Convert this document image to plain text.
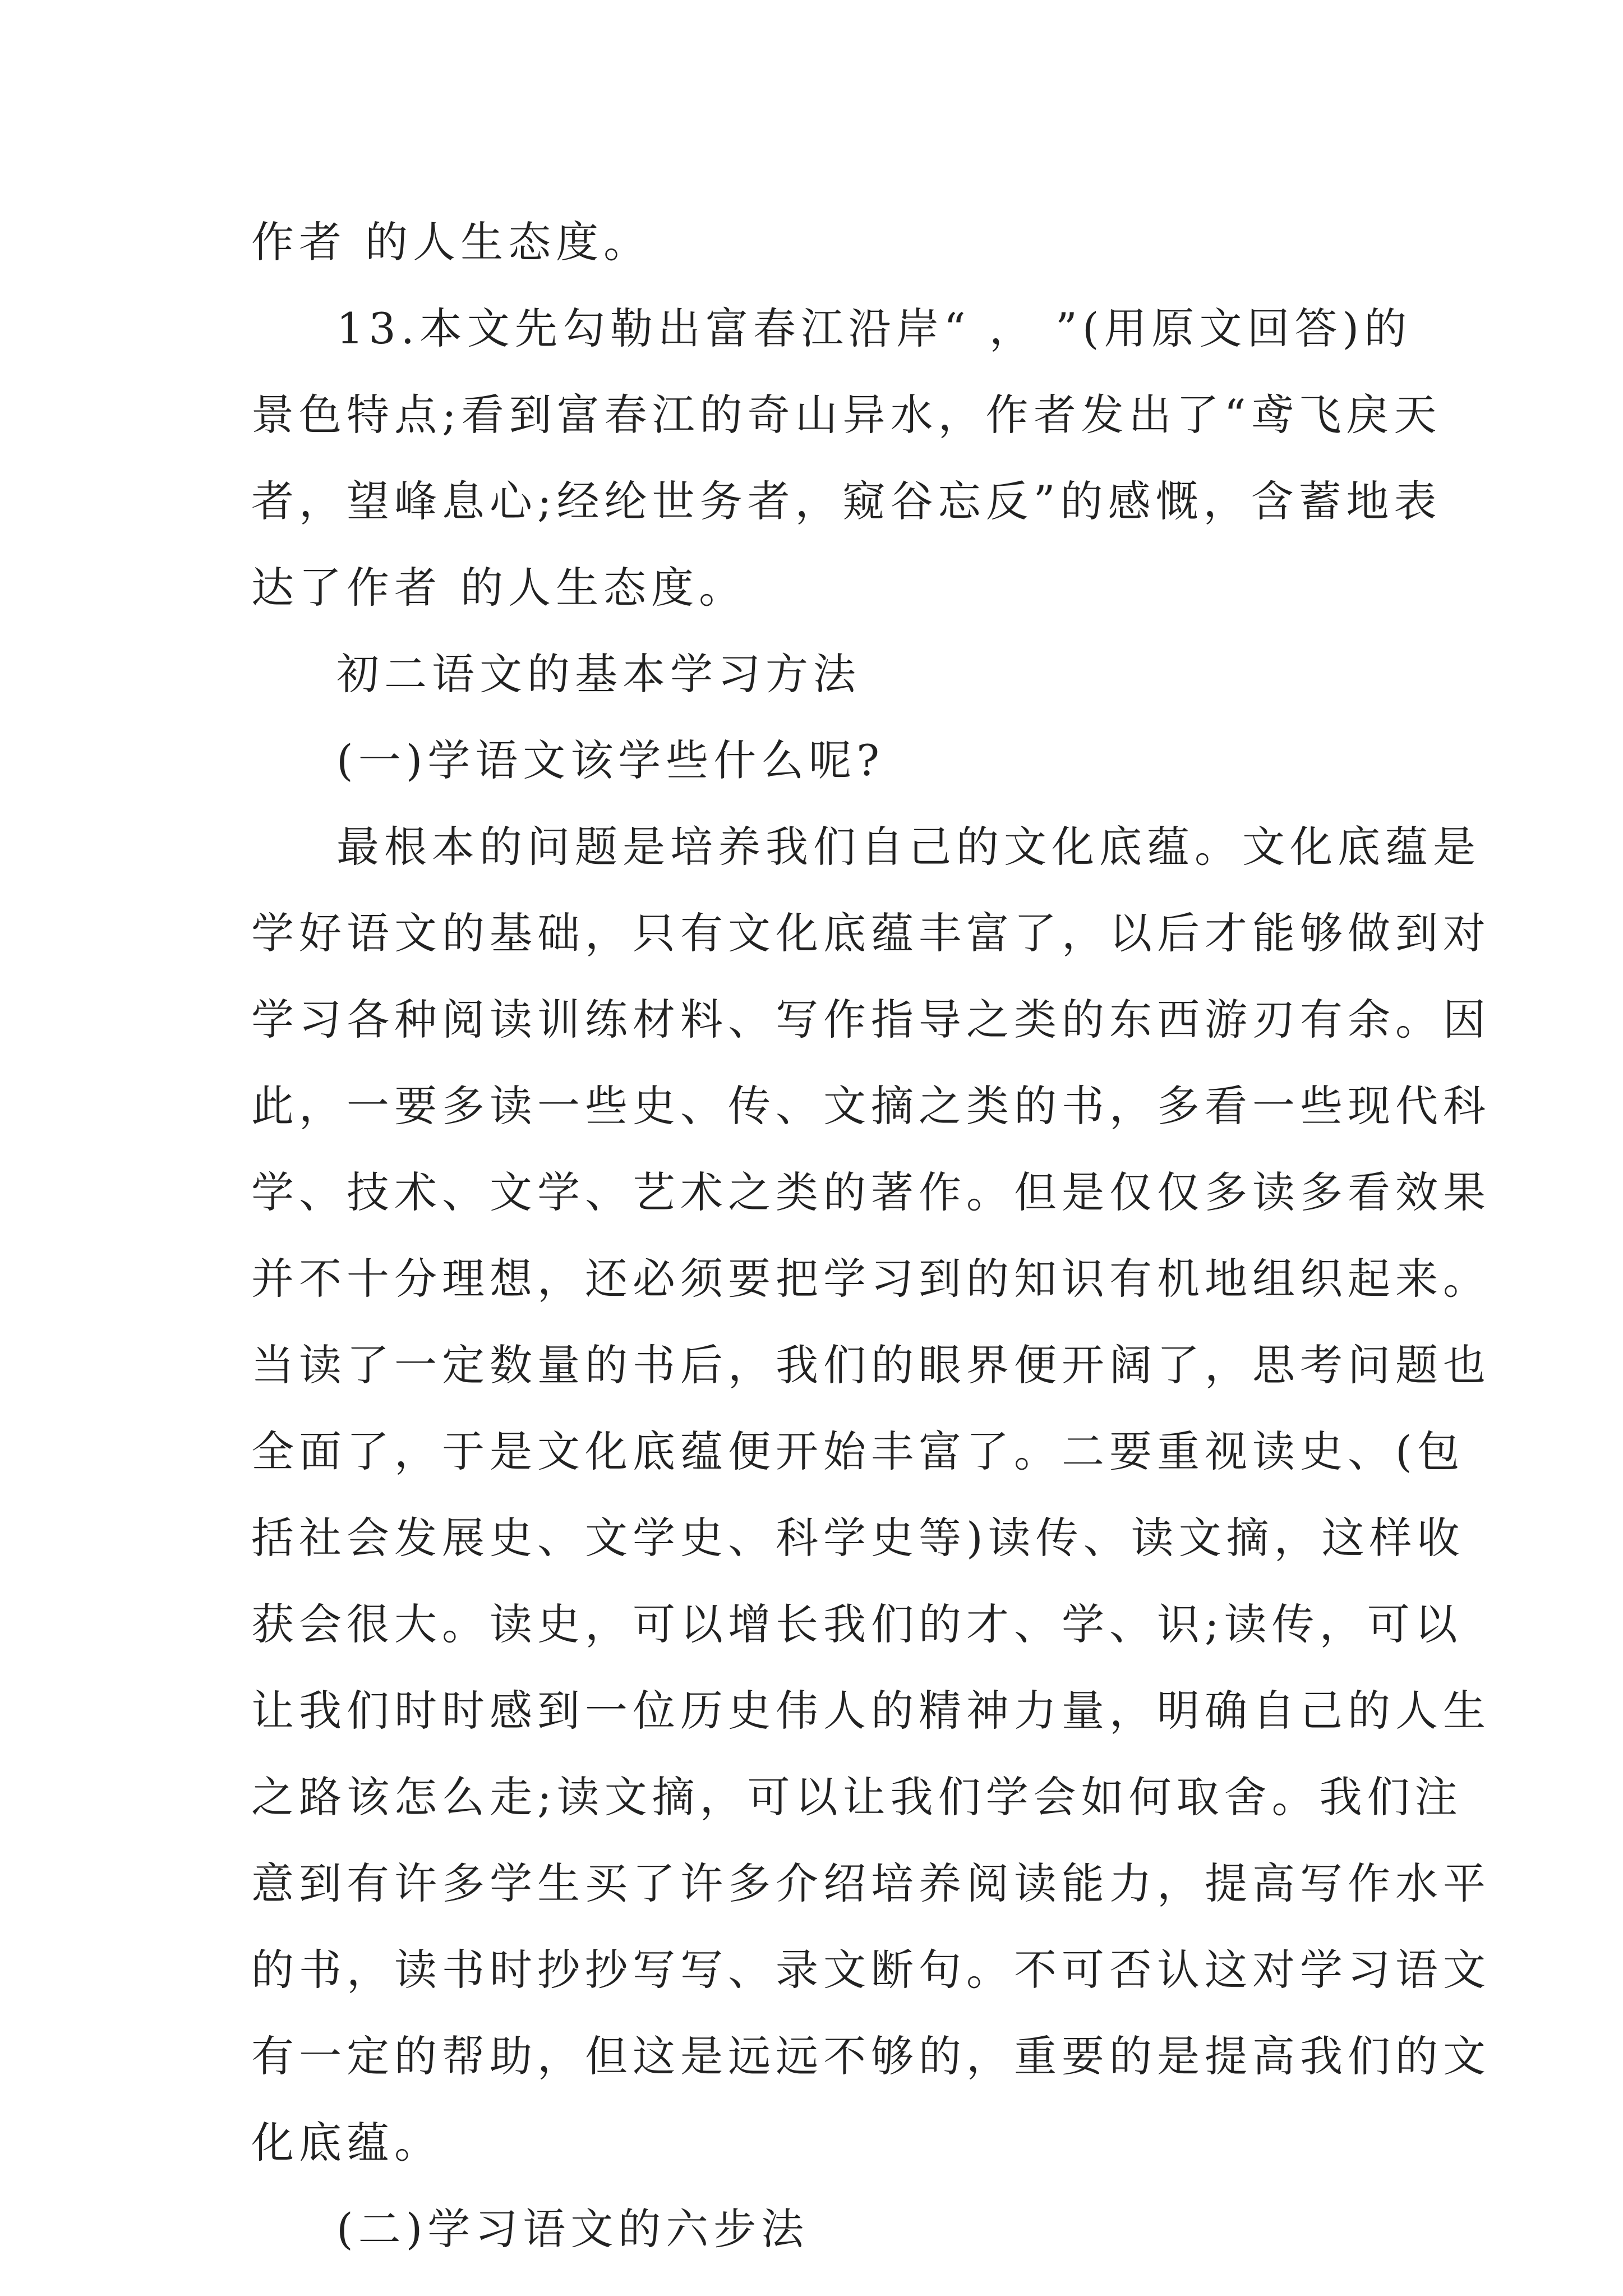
作者 的人生态度。
13.本文先勾勒出富春江沿岸“ ， ”(用原文回答)的
景色特点;看到富春江的奇山异水，作者发出了“鸢飞戾天
者，望峰息心;经纶世务者，窥谷忘反”的感慨，含蓄地表
达了作者 的人生态度。
初二语文的基本学习方法
(一)学语文该学些什么呢?
最根本的问题是培养我们自己的文化底蕴。文化底蕴是
学好语文的基础，只有文化底蕴丰富了，以后才能够做到对
学习各种阅读训练材料、写作指导之类的东西游刃有余。因
此，一要多读一些史、传、文摘之类的书，多看一些现代科
学、技术、文学、艺术之类的著作。但是仅仅多读多看效果
并不十分理想，还必须要把学习到的知识有机地组织起来。
当读了一定数量的书后，我们的眼界便开阔了，思考问题也
全面了，于是文化底蕴便开始丰富了。二要重视读史、(包
括社会发展史、文学史、科学史等)读传、读文摘，这样收
获会很大。读史，可以增长我们的才、学、识;读传，可以
让我们时时感到一位历史伟人的精神力量，明确自己的人生
之路该怎么走;读文摘，可以让我们学会如何取舍。我们注
意到有许多学生买了许多介绍培养阅读能力，提高写作水平
的书，读书时抄抄写写、录文断句。不可否认这对学习语文
有一定的帮助，但这是远远不够的，重要的是提高我们的文
化底蕴。
(二)学习语文的六步法
